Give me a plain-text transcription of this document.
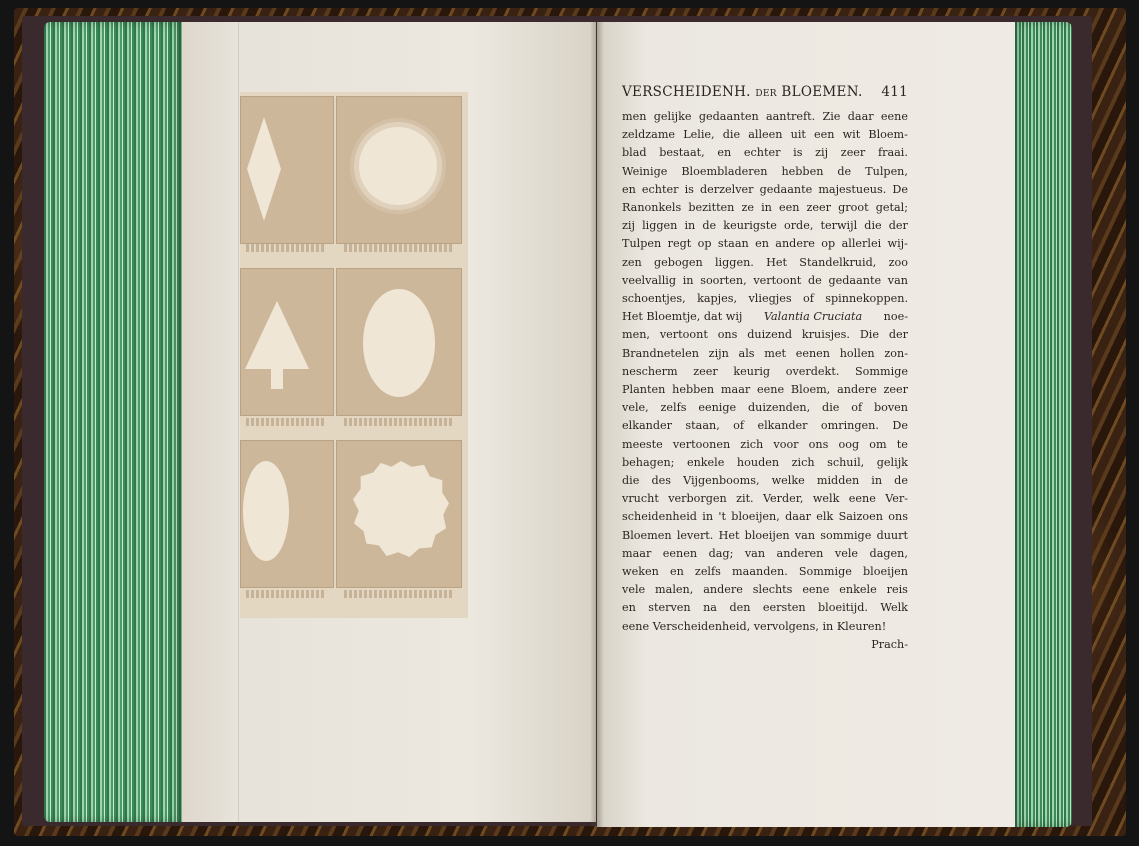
VERSCHEIDENH. DER BLOEMEN. 411
men gelijke gedaanten aantreft. Zie daar eene
zeldzame Lelie, die alleen uit een wit Bloem-
blad bestaat, en echter is zij zeer fraai.
Weinige Bloembladeren hebben de Tulpen,
en echter is derzelver gedaante majestueus. De
Ranonkels bezitten ze in een zeer groot getal;
zij liggen in de keurigste orde, terwijl die der
Tulpen regt op staan en andere op allerlei wij-
zen gebogen liggen. Het Standelkruid, zoo
veelvallig in soorten, vertoont de gedaante van
schoentjes, kapjes, vliegjes of spinnekoppen.
Het Bloemtje, dat wij Valantia Cruciata noe-
men, vertoont ons duizend kruisjes. Die der
Brandnetelen zijn als met eenen hollen zon-
nescherm zeer keurig overdekt. Sommige
Planten hebben maar eene Bloem, andere zeer
vele, zelfs eenige duizenden, die of boven
elkander staan, of elkander omringen. De
meeste vertoonen zich voor ons oog om te
behagen; enkele houden zich schuil, gelijk
die des Vijgenbooms, welke midden in de
vrucht verborgen zit. Verder, welk eene Ver-
scheidenheid in 't bloeijen, daar elk Saizoen ons
Bloemen levert. Het bloeijen van sommige duurt
maar eenen dag; van anderen vele dagen,
weken en zelfs maanden. Sommige bloeijen
vele malen, andere slechts eene enkele reis
en sterven na den eersten bloeitijd. Welk
eene Verscheidenheid, vervolgens, in Kleuren!
Prach-
